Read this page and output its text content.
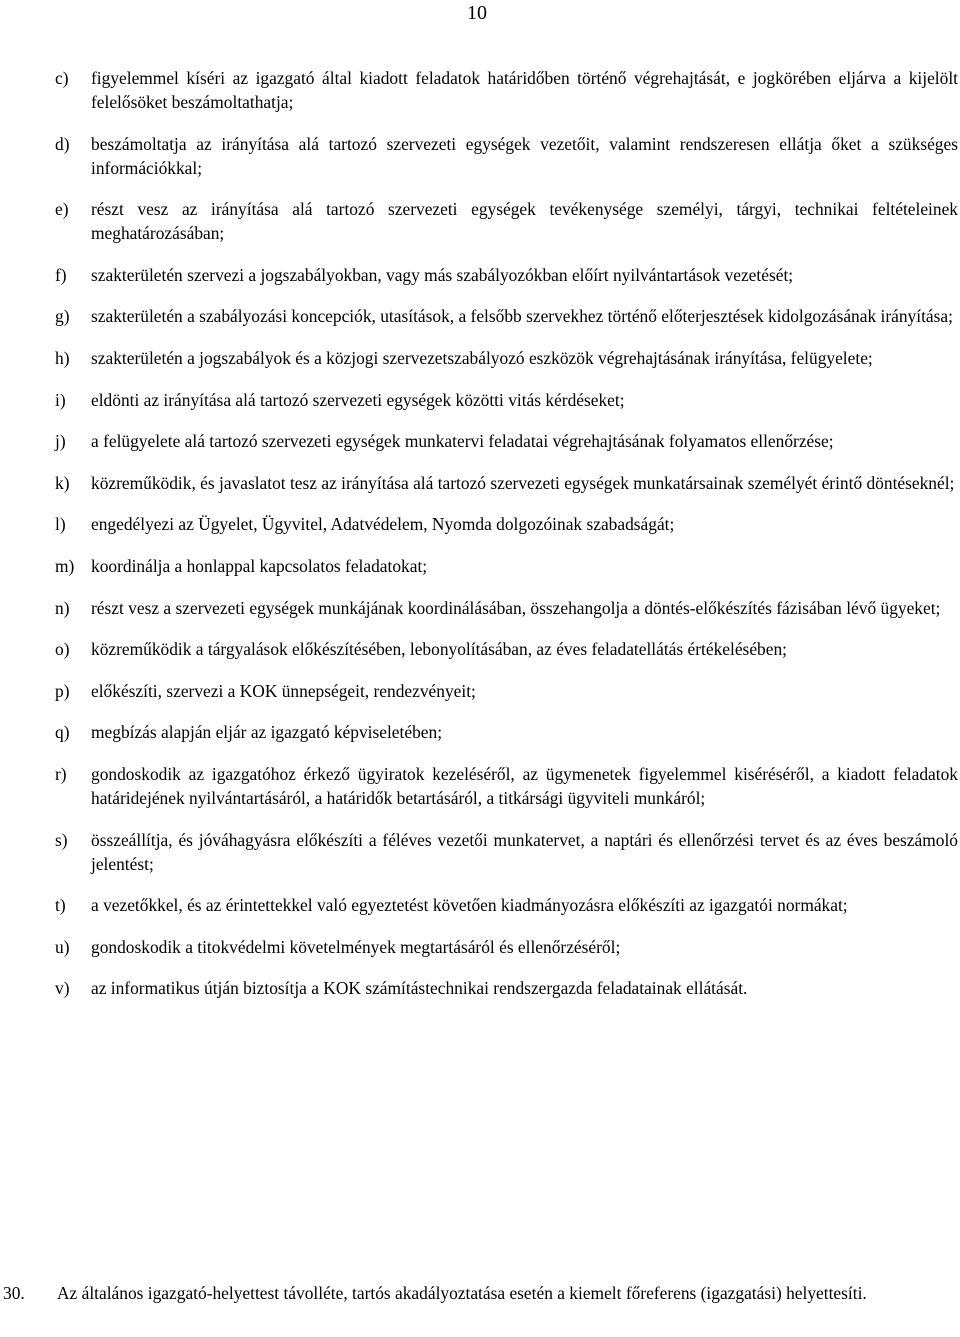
10
c)	figyelemmel kíséri az igazgató által kiadott feladatok határidőben történő végrehajtását, e jogkörében eljárva a kijelölt felelősöket beszámoltathatja;
d)	beszámoltatja az irányítása alá tartozó szervezeti egységek vezetőit, valamint rendszeresen ellátja őket a szükséges információkkal;
e)	részt vesz az irányítása alá tartozó szervezeti egységek tevékenysége személyi, tárgyi, technikai feltételeinek meghatározásában;
f)	szakterületén szervezi a jogszabályokban, vagy más szabályozókban előírt nyilvántartások vezetését;
g)	szakterületén a szabályozási koncepciók, utasítások, a felsőbb szervekhez történő előterjesztések kidolgozásának irányítása;
h)	szakterületén a jogszabályok és a közjogi szervezetszabályozó eszközök végrehajtásának irányítása, felügyelete;
i)	eldönti az irányítása alá tartozó szervezeti egységek közötti vitás kérdéseket;
j)	a felügyelete alá tartozó szervezeti egységek munkatervi feladatai végrehajtásának folyamatos ellenőrzése;
k)	közreműködik, és javaslatot tesz az irányítása alá tartozó szervezeti egységek munkatársainak személyét érintő döntéseknél;
l)	engedélyezi az Ügyelet, Ügyvitel, Adatvédelem, Nyomda dolgozóinak szabadságát;
m) koordinálja a honlappal kapcsolatos feladatokat;
n)	részt vesz a szervezeti egységek munkájának koordinálásában, összehangolja a döntés-előkészítés fázisában lévő ügyeket;
o)	közreműködik a tárgyalások előkészítésében, lebonyolításában, az éves feladatellátás értékelésében;
p)	előkészíti, szervezi a KOK ünnepségeit, rendezvényeit;
q)	megbízás alapján eljár az igazgató képviseletében;
r)	gondoskodik az igazgatóhoz érkező ügyiratok kezeléséről, az ügymenetek figyelemmel kiséréséről, a kiadott feladatok határidejének nyilvántartásáról, a határidők betartásáról, a titkársági ügyviteli munkáról;
s)	összeállítja, és jóváhagyásra előkészíti a féléves vezetői munkatervet, a naptári és ellenőrzési tervet és az éves beszámoló jelentést;
t)	a vezetőkkel, és az érintettekkel való egyeztetést követően kiadmányozásra előkészíti az igazgatói normákat;
u)	gondoskodik a titokvédelmi követelmények megtartásáról és ellenőrzéséről;
v)	az informatikus útján biztosítja a KOK számítástechnikai rendszergazda feladatainak ellátását.
30.	Az általános igazgató-helyettest távolléte, tartós akadályoztatása esetén a kiemelt főreferens (igazgatási) helyettesíti.
